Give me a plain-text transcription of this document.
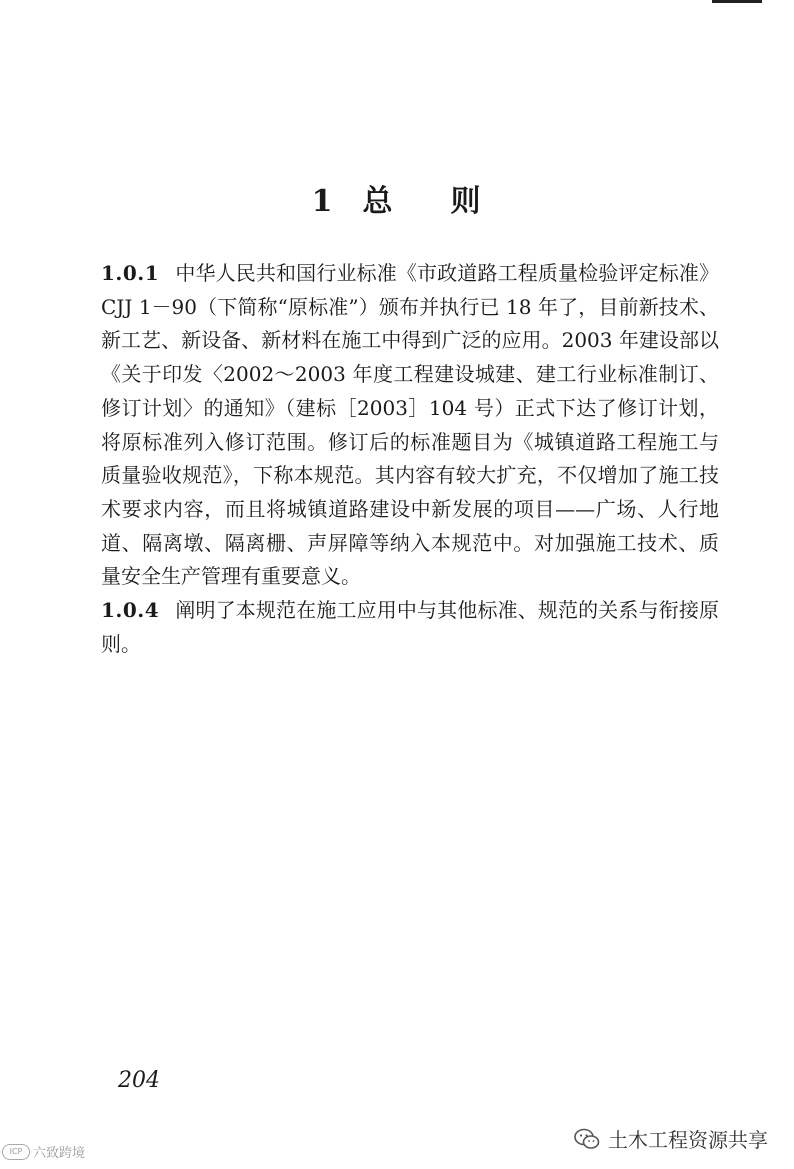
1 总 则

1.0.1 中华人民共和国行业标准《市政道路工程质量检验评定标准》CJJ 1－90（下简称“原标准”）颁布并执行已 18 年了，目前新技术、新工艺、新设备、新材料在施工中得到广泛的应用。2003 年建设部以《关于印发〈2002～2003 年度工程建设城建、建工行业标准制订、修订计划〉的通知》（建标［2003］104 号）正式下达了修订计划，将原标准列入修订范围。修订后的标准题目为《城镇道路工程施工与质量验收规范》，下称本规范。其内容有较大扩充，不仅增加了施工技术要求内容，而且将城镇道路建设中新发展的项目——广场、人行地道、隔离墩、隔离栅、声屏障等纳入本规范中。对加强施工技术、质量安全生产管理有重要意义。

1.0.4 阐明了本规范在施工应用中与其他标准、规范的关系与衔接原则。

204
ICP 六致跨境
土木工程资源共享
